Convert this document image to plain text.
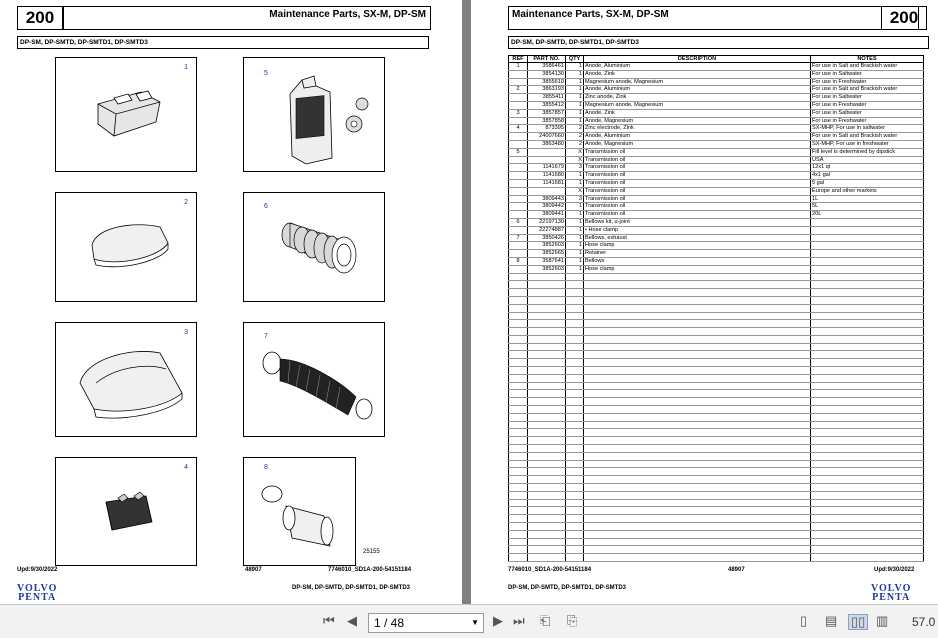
200	Maintenance Parts, SX-M, DP-SM
DP-SM, DP-SMTD, DP-SMTD1, DP-SMTD3
1
5
2
6
3
7
4	8
25155
Upd:9/30/2022	48907	7746010_SD1A-200-54151184
DP-SM, DP-SMTD, DP-SMTD1, DP-SMTD3
VOLVO
PENTA
Maintenance Parts, SX-M, DP-SM	200
DP-SM, DP-SMTD, DP-SMTD1, DP-SMTD3
REF	PART NO.	QTY	DESCRIPTION	NOTES
1	3586461	1	Anode, Aluminium	For use in Salt and Brackish water
	3854130	1	Anode, Zink	For use in Saltwater
	3855610	1	Magnesium anode, Magnesium	For use in Freshwater
2	3863193	1	Anode, Aluminium	For use in Salt and Brackish water
	3855411	1	Zinc anode, Zink	For use in Saltwater
	3855412	1	Magnesium anode, Magnesium	For use in Freshwater
3	3857857	1	Anode, Zink	For use in Saltwater
	3857858	1	Anode, Magnesium	For use in Freshwater
4	873395	2	Zinc electrode, Zink	SX-MHP, For use in saltwater
	24007660	2	Anode, Aluminium	For use in Salt and Brackish water
	3863480	2	Anode, Magnesium	SX-MHP, For use in freshwater
5		X	Transmission oil	Fill level is determined by dipstick
		X	Transmission oil	USA
	1141679	3	Transmission oil	12x1 qt
	1141680	1	Transmission oil	4x1 gal
	1141681	1	Transmission oil	5 gal
		X	Transmission oil	Europe and other markets
	3809443	3	Transmission oil	1L
	3809442	1	Transmission oil	5L
	3809441	1	Transmission oil	20L
6	22197130	1	Bellows kit, u-joint	
	22274887	1	• Hose clamp	
7	3850426	1	Bellows, exhaust	
	3852603	1	Hose clamp	
	3852665	1	Retainer	
8	3587641	1	Bellows	
	3852603	1	Hose clamp	

7746010_SD1A-200-54151184	48907	Upd:9/30/2022
DP-SM, DP-SMTD, DP-SMTD1, DP-SMTD3	VOLVO
PENTA
⏮ ◀	1 / 48	▼ ▶ ⏭ ⎗ ⎘	▯ ▤ ▯▯ ▥ 57.0
